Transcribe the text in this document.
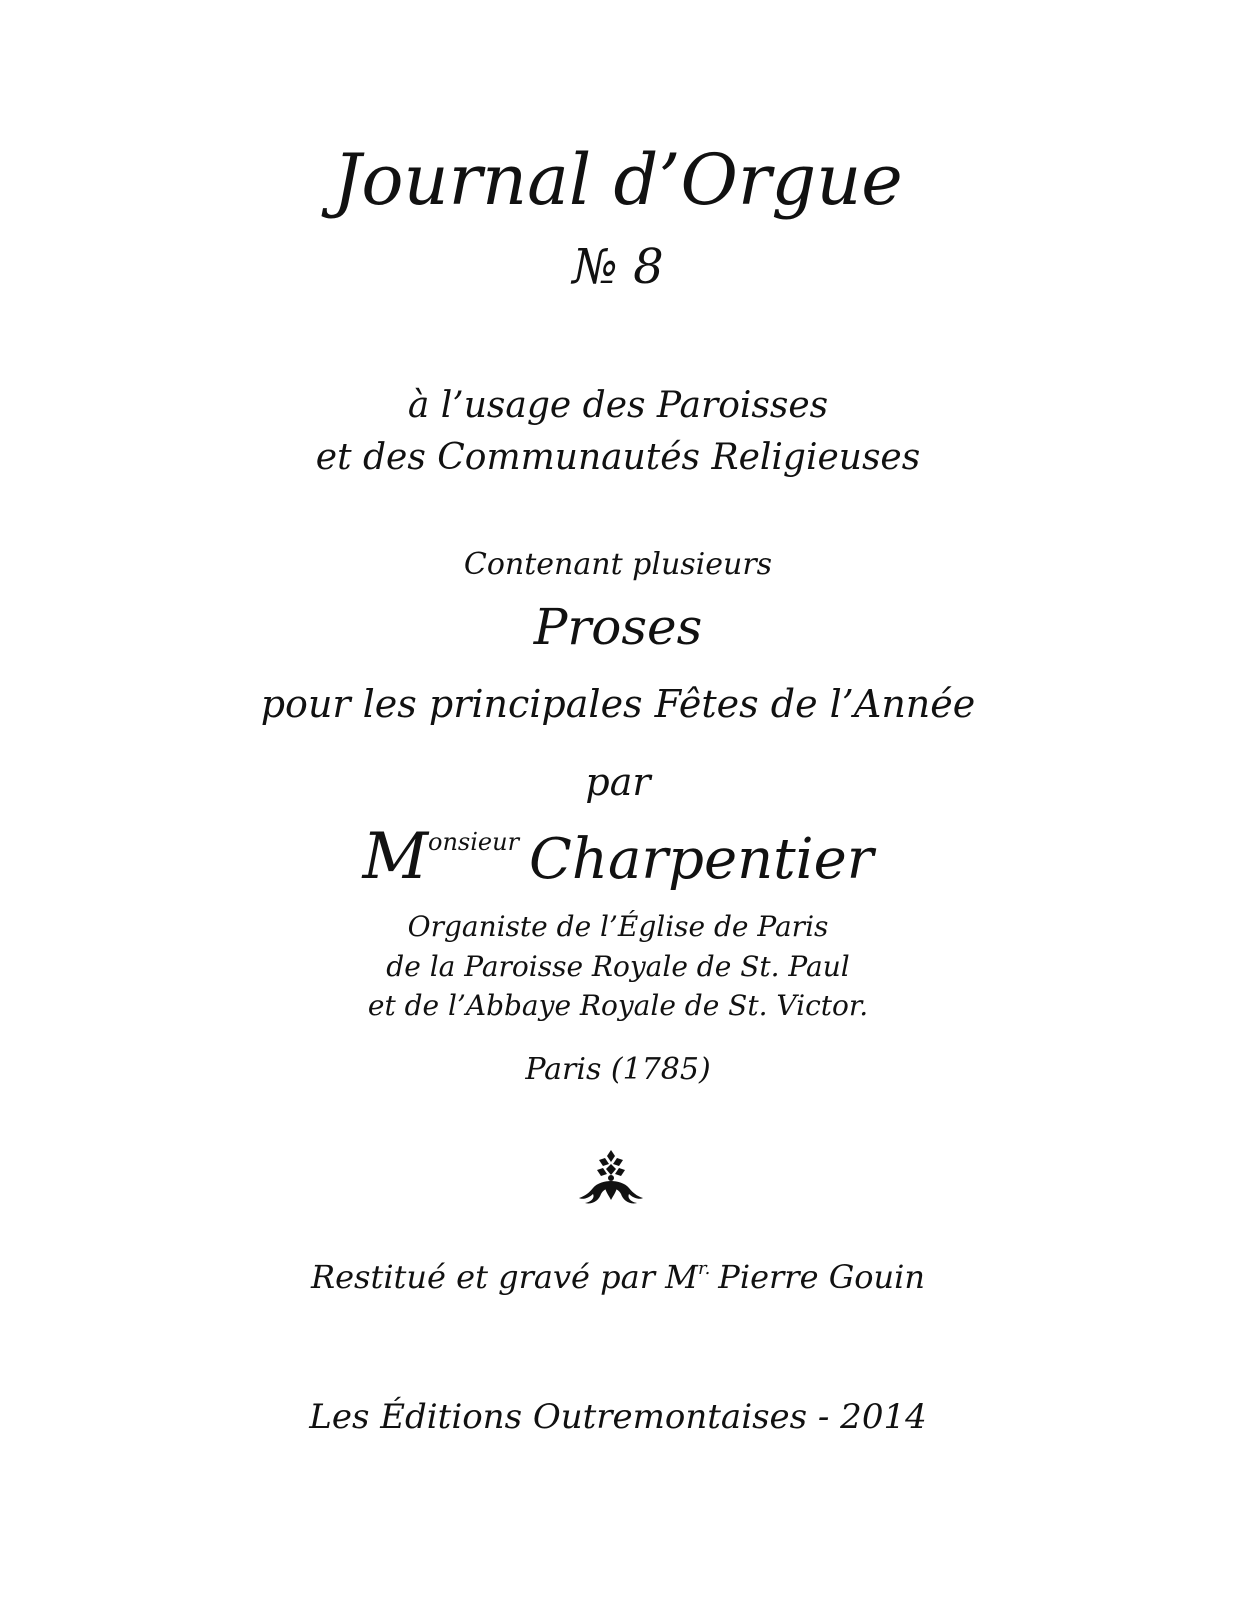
Journal d’Orgue
№ 8
à l’usage des Paroisses
et des Communautés Religieuses
Contenant plusieurs
Proses
pour les principales Fêtes de l’Année
par
$M^{onsieur}$ Charpentier
Organiste de l’Église de Paris
de la Paroisse Royale de St. Paul
et de l’Abbaye Royale de St. Victor.
Paris (1785)
Restitué et gravé par $M^{r.}$ Pierre Gouin
Les Éditions Outremontaises - 2014
